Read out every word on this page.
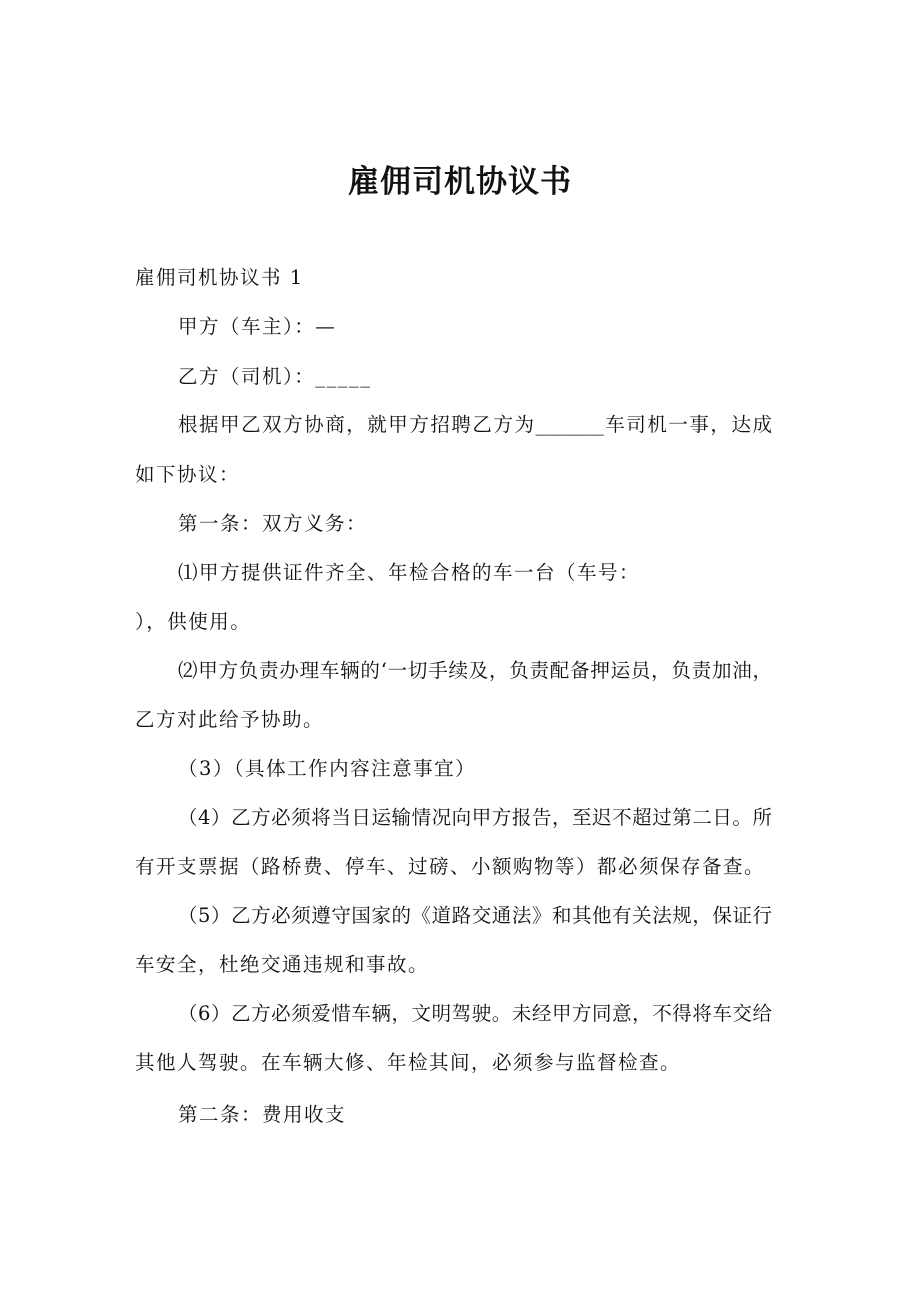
雇佣司机协议书
雇佣司机协议书 1
甲方（车主）：—
乙方（司机）：_____
根据甲乙双方协商，就甲方招聘乙方为_______车司机一事，达成
如下协议：
第一条：双方义务：
⑴甲方提供证件齐全、年检合格的车一台（车号：
），供使用。
⑵甲方负责办理车辆的‘一切手续及，负责配备押运员，负责加油，
乙方对此给予协助。
（3）（具体工作内容注意事宜）
（4）乙方必须将当日运输情况向甲方报告，至迟不超过第二日。所
有开支票据（路桥费、停车、过磅、小额购物等）都必须保存备查。
（5）乙方必须遵守国家的《道路交通法》和其他有关法规，保证行
车安全，杜绝交通违规和事故。
（6）乙方必须爱惜车辆，文明驾驶。未经甲方同意，不得将车交给
其他人驾驶。在车辆大修、年检其间，必须参与监督检查。
第二条：费用收支
